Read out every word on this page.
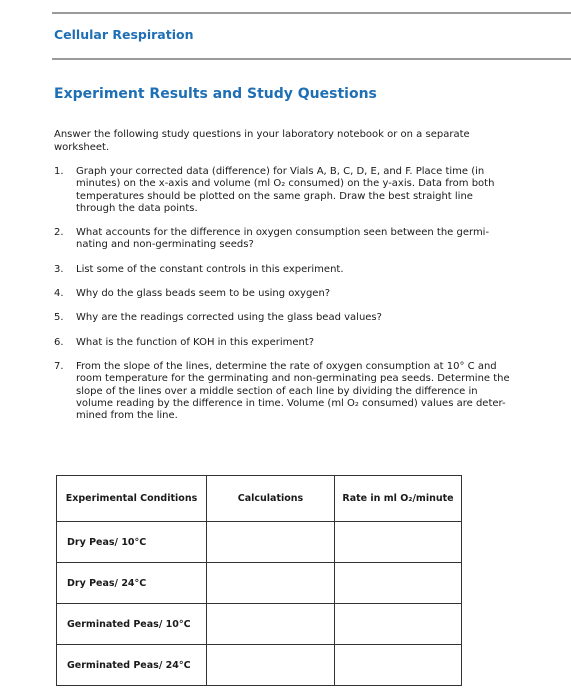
Cellular Respiration
Experiment Results and Study Questions
Answer the following study questions in your laboratory notebook or on a separate worksheet.
1. Graph your corrected data (difference) for Vials A, B, C, D, E, and F. Place time (in minutes) on the x-axis and volume (ml O₂ consumed) on the y-axis. Data from both temperatures should be plotted on the same graph. Draw the best straight line through the data points.
2. What accounts for the difference in oxygen consumption seen between the germi-nating and non-germinating seeds?
3. List some of the constant controls in this experiment.
4. Why do the glass beads seem to be using oxygen?
5. Why are the readings corrected using the glass bead values?
6. What is the function of KOH in this experiment?
7. From the slope of the lines, determine the rate of oxygen consumption at 10° C and room temperature for the germinating and non-germinating pea seeds. Determine the slope of the lines over a middle section of each line by dividing the difference in volume reading by the difference in time. Volume (ml O₂ consumed) values are deter-mined from the line.
Experimental Conditions	Calculations	Rate in ml O₂/minute
Dry Peas/ 10°C		
Dry Peas/ 24°C		
Germinated Peas/ 10°C		
Germinated Peas/ 24°C		
